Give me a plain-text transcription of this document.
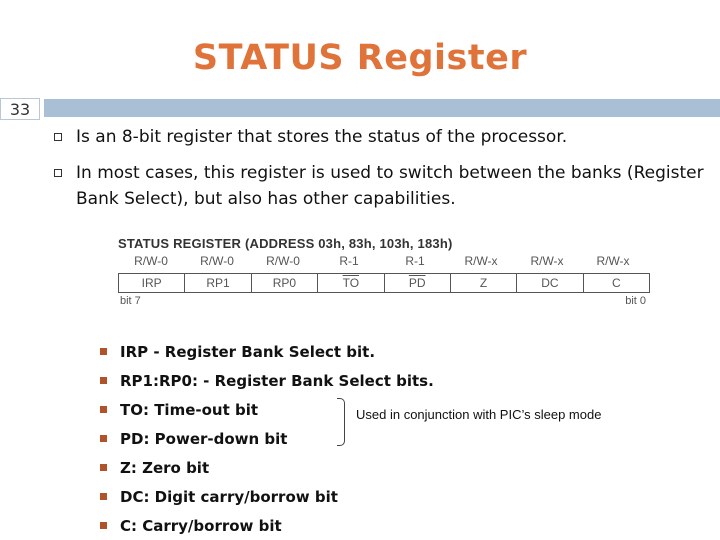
STATUS Register
33
Is an 8-bit register that stores the status of the processor.
In most cases, this register is used to switch between the banks (Register Bank Select), but also has other capabilities.
STATUS REGISTER (ADDRESS 03h, 83h, 103h, 183h)
R/W-0	R/W-0	R/W-0	R-1	R-1	R/W-x	R/W-x	R/W-x
IRP	RP1	RP0	$\overline{TO}$	$\overline{PD}$	Z	DC	C
bit 7	bit 0
IRP - Register Bank Select bit.
RP1:RP0: - Register Bank Select bits.
TO: Time-out bit
PD: Power-down bit
Z: Zero bit
DC: Digit carry/borrow bit
C: Carry/borrow bit
Used in conjunction with PIC’s sleep mode
